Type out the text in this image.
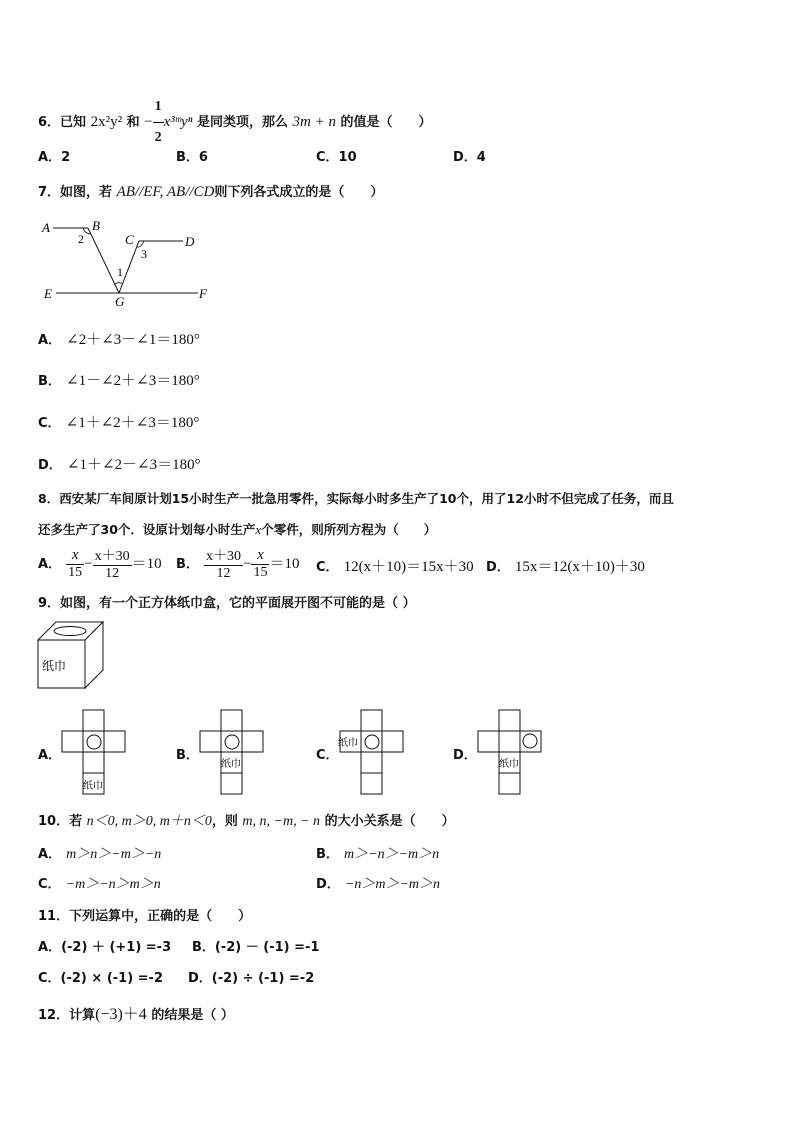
6．已知 2x²y² 和 − $\frac{1}{2}$ x³ᵐyⁿ 是同类项，那么 3m + n 的值是（　　）
A．2	B．6	C．10	D．4
7．如图，若 AB//EF, AB//CD则下列各式成立的是（　　）
A	B
C	D
E	F
G
1
2
3
A． ∠2＋∠3－∠1＝180°
B． ∠1－∠2＋∠3＝180°
C． ∠1＋∠2＋∠3＝180°
D． ∠1＋∠2－∠3＝180°
8．西安某厂车间原计划15小时生产一批急用零件，实际每小时多生产了10个，用了12小时不但完成了任务，而且
还多生产了30个．设原计划每小时生产x个零件，则所列方程为（　　）
A． $\frac{x}{15} - \frac{x+30}{12} =10$ B． $\frac{x+30}{12} - \frac{x}{15} =10$ C． 12(x＋10)＝15x＋30 D． 15x＝12(x＋10)＋30
9．如图，有一个正方体纸巾盒，它的平面展开图不可能的是（ ）
纸巾
A．
纸巾
B．
纸巾
C．
纸巾
D．
纸巾
10．若 n＜0, m＞0, m＋n＜0，则 m, n, −m, − n 的大小关系是（　　）
A． m＞n＞−m＞−n	B． m＞−n＞−m＞n
C． −m＞−n＞m＞n	D． −n＞m＞−m＞n
11．下列运算中，正确的是（　　）
A．(-2) ＋ (+1) =-3 B．(-2) － (-1) =-1
C．(-2) × (-1) =-2 D．(-2) ÷ (-1) =-2
12．计算(−3)＋4 的结果是（ ）
